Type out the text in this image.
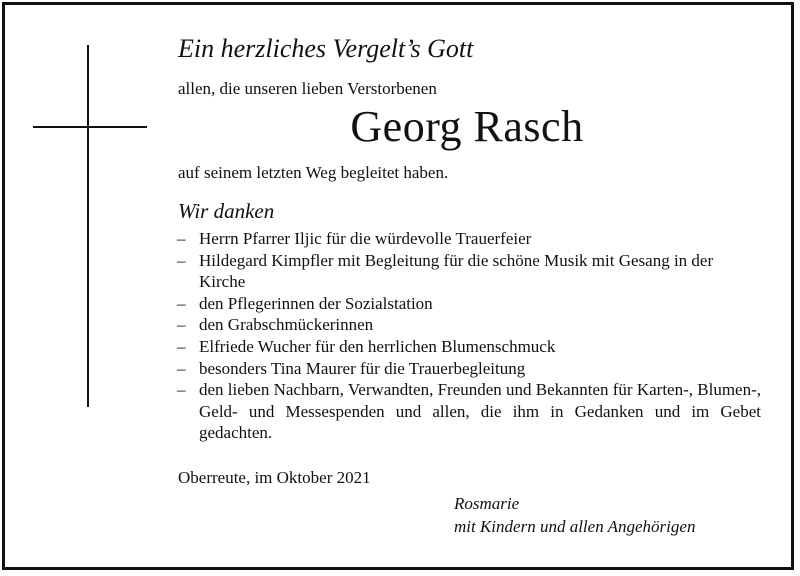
Ein herzliches Vergelt’s Gott
allen, die unseren lieben Verstorbenen
Georg Rasch
auf seinem letzten Weg begleitet haben.
Wir danken
– Herrn Pfarrer Iljic für die würdevolle Trauerfeier
– Hildegard Kimpfler mit Begleitung für die schöne Musik mit Gesang in der Kirche
– den Pflegerinnen der Sozialstation
– den Grabschmückerinnen
– Elfriede Wucher für den herrlichen Blumenschmuck
– besonders Tina Maurer für die Trauerbegleitung
– den lieben Nachbarn, Verwandten, Freunden und Bekannten für Karten-, Blumen-, Geld- und Messespenden und allen, die ihm in Gedanken und im Gebet gedachten.
Oberreute, im Oktober 2021
Rosmarie
mit Kindern und allen Angehörigen
